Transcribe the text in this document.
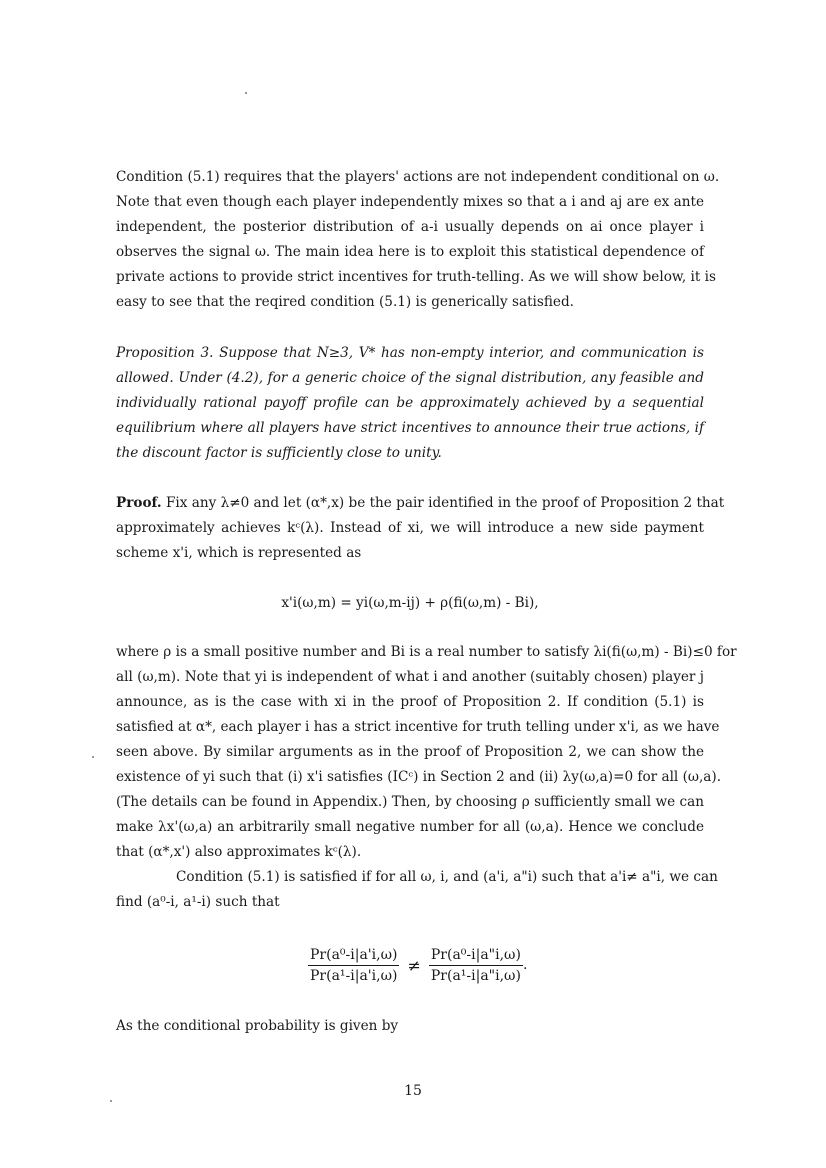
Condition (5.1) requires that the players' actions are not independent conditional on ω.
Note that even though each player independently mixes so that a i and aj are ex ante
independent, the posterior distribution of a-i usually depends on ai once player i
observes the signal ω. The main idea here is to exploit this statistical dependence of
private actions to provide strict incentives for truth-telling. As we will show below, it is
easy to see that the reqired condition (5.1) is generically satisfied.
Proposition 3. Suppose that N≥3, V* has non-empty interior, and communication is
allowed. Under (4.2), for a generic choice of the signal distribution, any feasible and
individually rational payoff profile can be approximately achieved by a sequential
equilibrium where all players have strict incentives to announce their true actions, if
the discount factor is sufficiently close to unity.
Proof. Fix any λ≠0 and let (α*,x) be the pair identified in the proof of Proposition 2 that
approximately achieves kᶜ(λ). Instead of xi, we will introduce a new side payment
scheme x'i, which is represented as
x'i(ω,m) = yi(ω,m-ij) + ρ(fi(ω,m) - Bi),
where ρ is a small positive number and Bi is a real number to satisfy λi(fi(ω,m) - Bi)≤0 for
all (ω,m). Note that yi is independent of what i and another (suitably chosen) player j
announce, as is the case with xi in the proof of Proposition 2. If condition (5.1) is
satisfied at α*, each player i has a strict incentive for truth telling under x'i, as we have
seen above. By similar arguments as in the proof of Proposition 2, we can show the
existence of yi such that (i) x'i satisfies (ICᶜ) in Section 2 and (ii) λy(ω,a)=0 for all (ω,a).
(The details can be found in Appendix.) Then, by choosing ρ sufficiently small we can
make λx'(ω,a) an arbitrarily small negative number for all (ω,a). Hence we conclude
that (α*,x') also approximates kᶜ(λ).
Condition (5.1) is satisfied if for all ω, i, and (a'i, a"i) such that a'i≠ a"i, we can
find (a⁰-i, a¹-i) such that
$\frac{\text{Pr(a⁰-i|a'i,ω)}}{\text{Pr(a¹-i|a'i,ω)}} \ne \frac{\text{Pr(a⁰-i|a"i,ω)}}{\text{Pr(a¹-i|a"i,ω)}}$ .
As the conditional probability is given by
15
